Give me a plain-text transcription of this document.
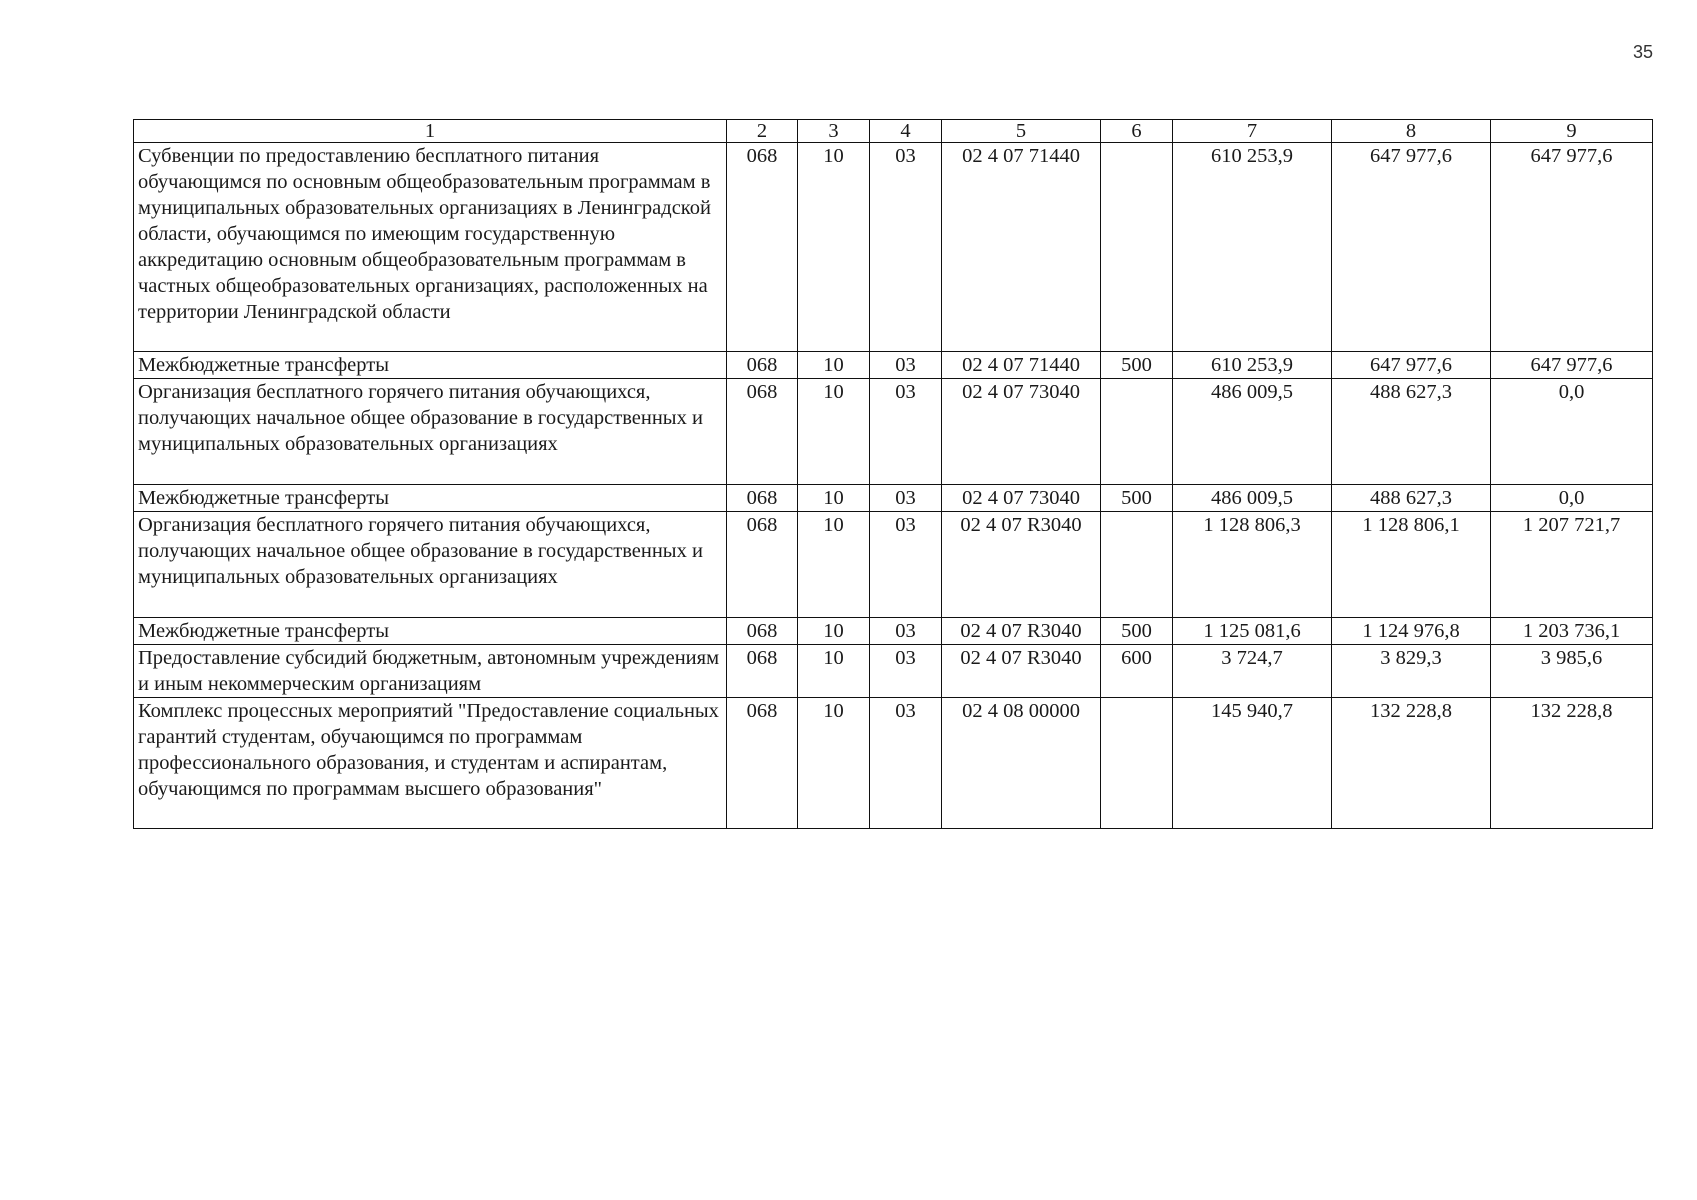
35
1	2	3	4	5	6	7	8	9
Субвенции по предоставлению бесплатного питания обучающимся по основным общеобразовательным программам в муниципальных образовательных организациях в Ленинградской области, обучающимся по имеющим государственную аккредитацию основным общеобразовательным программам в частных общеобразовательных организациях, расположенных на территории Ленинградской области	068	10	03	02 4 07 71440		610 253,9	647 977,6	647 977,6
Межбюджетные трансферты	068	10	03	02 4 07 71440	500	610 253,9	647 977,6	647 977,6
Организация бесплатного горячего питания обучающихся, получающих начальное общее образование в государственных и муниципальных образовательных организациях	068	10	03	02 4 07 73040		486 009,5	488 627,3	0,0
Межбюджетные трансферты	068	10	03	02 4 07 73040	500	486 009,5	488 627,3	0,0
Организация бесплатного горячего питания обучающихся, получающих начальное общее образование в государственных и муниципальных образовательных организациях	068	10	03	02 4 07 R3040		1 128 806,3	1 128 806,1	1 207 721,7
Межбюджетные трансферты	068	10	03	02 4 07 R3040	500	1 125 081,6	1 124 976,8	1 203 736,1
Предоставление субсидий бюджетным, автономным учреждениям и иным некоммерческим организациям	068	10	03	02 4 07 R3040	600	3 724,7	3 829,3	3 985,6
Комплекс процессных мероприятий "Предоставление социальных гарантий студентам, обучающимся по программам профессионального образования, и студентам и аспирантам, обучающимся по программам высшего образования"	068	10	03	02 4 08 00000		145 940,7	132 228,8	132 228,8
